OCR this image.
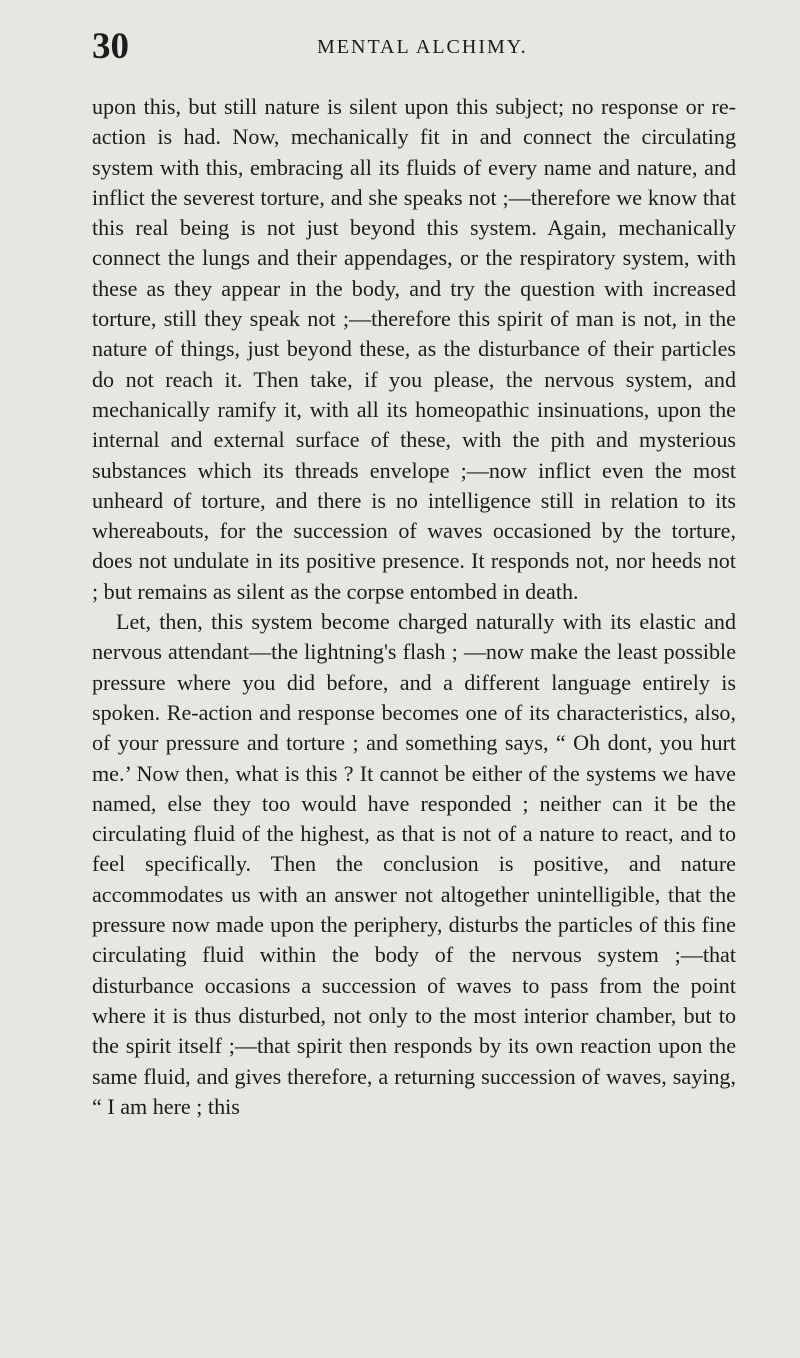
30	MENTAL ALCHIMY.

upon this, but still nature is silent upon this subject; no response or re-action is had. Now, mechanically fit in and connect the circulating system with this, embracing all its fluids of every name and nature, and inflict the severest torture, and she speaks not ;—therefore we know that this real being is not just beyond this system. Again, mechanically connect the lungs and their appendages, or the respiratory system, with these as they appear in the body, and try the question with increased torture, still they speak not ;—therefore this spirit of man is not, in the nature of things, just beyond these, as the disturbance of their particles do not reach it. Then take, if you please, the nervous system, and mechanically ramify it, with all its homeopathic insinuations, upon the internal and external surface of these, with the pith and mysterious substances which its threads envelope ;—now inflict even the most unheard of torture, and there is no intelligence still in relation to its whereabouts, for the succession of waves occasioned by the torture, does not undulate in its positive presence. It responds not, nor heeds not ; but remains as silent as the corpse entombed in death.

Let, then, this system become charged naturally with its elastic and nervous attendant—the lightning's flash ; —now make the least possible pressure where you did before, and a different language entirely is spoken. Re-action and response becomes one of its characteristics, also, of your pressure and torture ; and something says, “ Oh dont, you hurt me.’ Now then, what is this ? It cannot be either of the systems we have named, else they too would have responded ; neither can it be the circulating fluid of the highest, as that is not of a nature to react, and to feel specifically. Then the conclusion is positive, and nature accommodates us with an answer not altogether unintelligible, that the pressure now made upon the periphery, disturbs the particles of this fine circulating fluid within the body of the nervous system ;—that disturbance occasions a succession of waves to pass from the point where it is thus disturbed, not only to the most interior chamber, but to the spirit itself ;—that spirit then responds by its own reaction upon the same fluid, and gives therefore, a returning succession of waves, saying, “ I am here ; this
